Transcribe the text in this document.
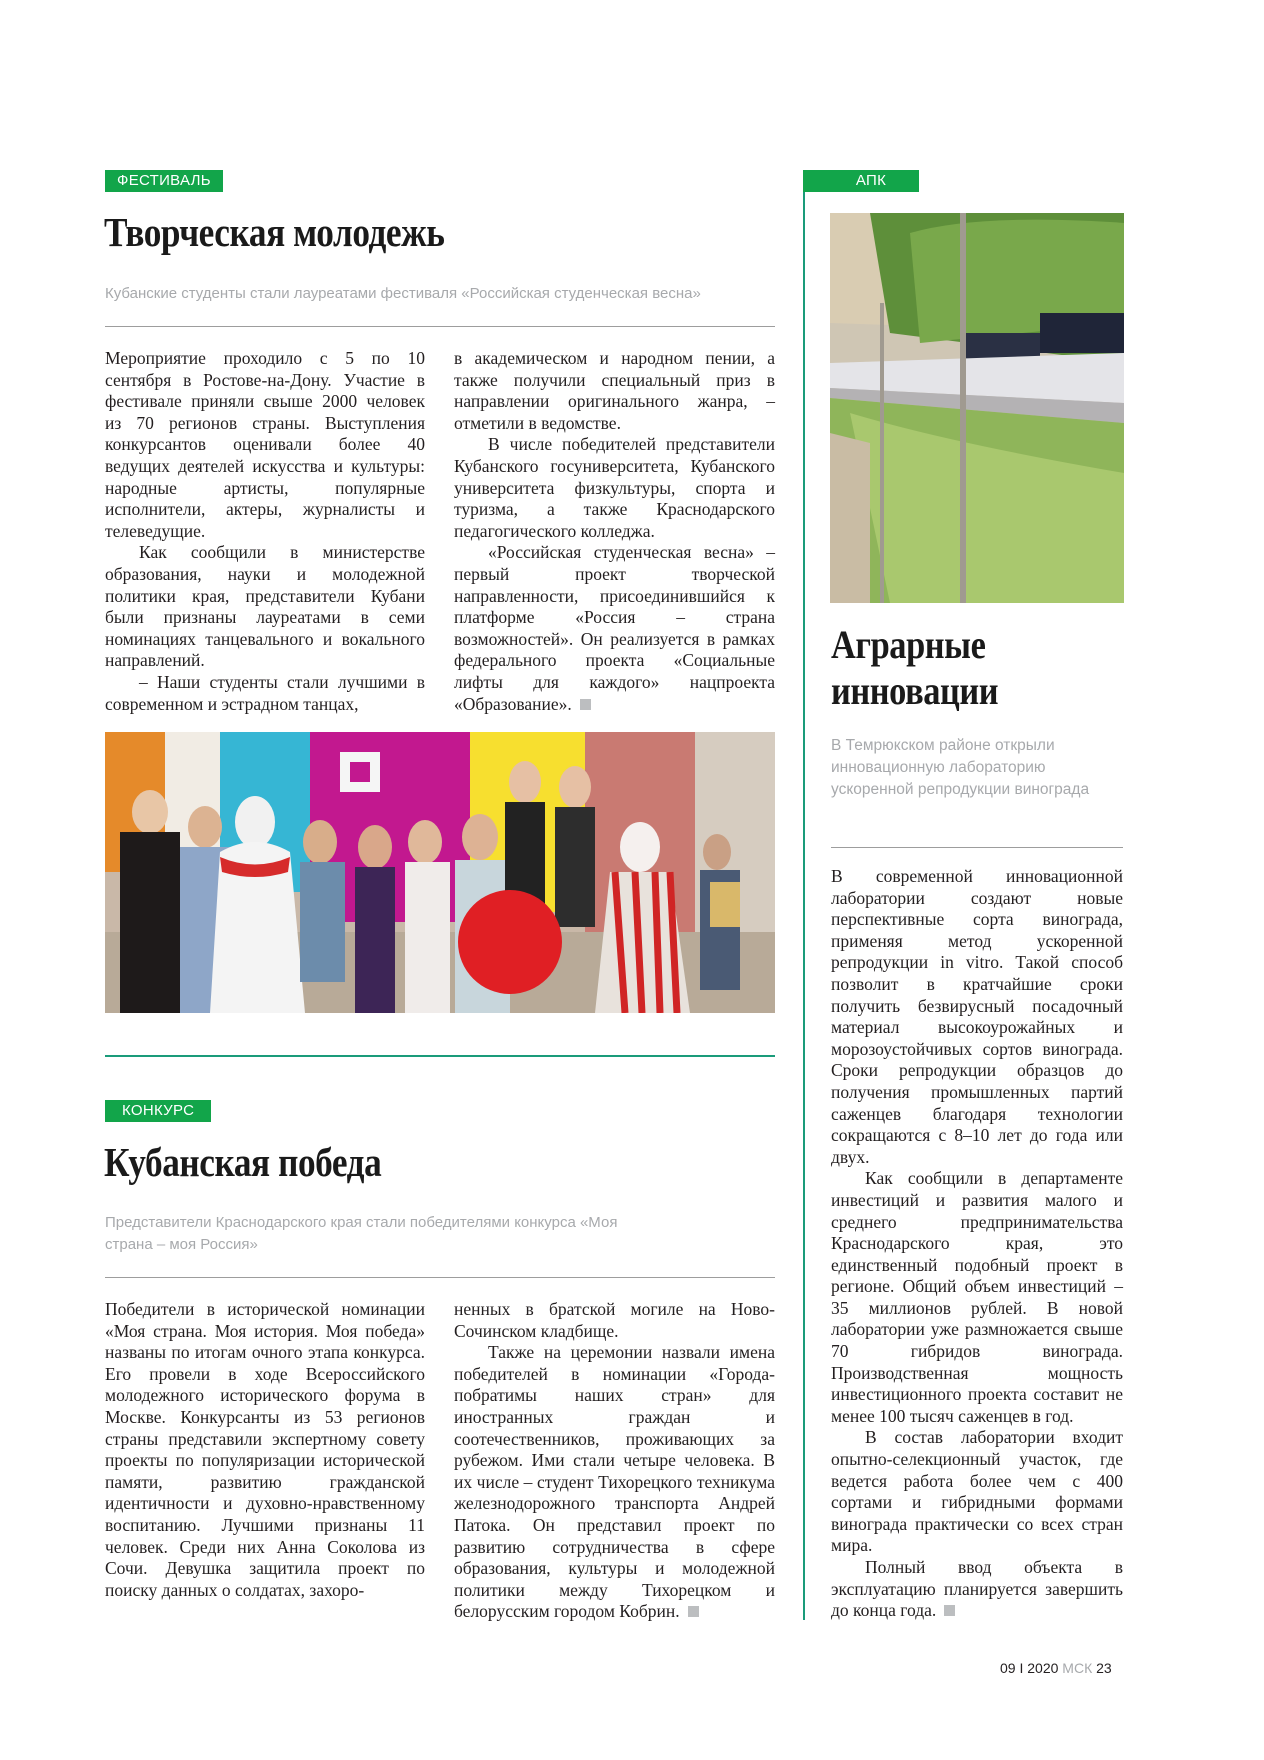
ФЕСТИВАЛЬ
Творческая молодежь

Кубанские студенты стали лауреатами фестиваля «Российская студенческая весна»

Мероприятие проходило с 5 по 10 сентября в Ростове-на-Дону. Участие в фестивале приняли свыше 2000 человек из 70 регионов страны. Выступления конкурсантов оценивали более 40 ведущих деятелей искусства и культуры: народные артисты, популярные исполнители, актеры, журналисты и телеведущие.

Как сообщили в министерстве образования, науки и молодежной политики края, представители Кубани были признаны лауреатами в семи номинациях танцевального и вокального направлений.

– Наши студенты стали лучшими в современном и эстрадном танцах,

в академическом и народном пении, а также получили специальный приз в направлении оригинального жанра, – отметили в ведомстве.

В числе победителей представители Кубанского госуниверситета, Кубанского университета физкультуры, спорта и туризма, а также Краснодарского педагогического колледжа.

«Российская студенческая весна» – первый проект творческой направленности, присоединившийся к платформе «Россия – страна возможностей». Он реализуется в рамках федерального проекта «Социальные лифты для каждого» нацпроекта «Образование».

КОНКУРС
Кубанская победа

Представители Краснодарского края стали победителями конкурса «Моя страна – моя Россия»

Победители в исторической номинации «Моя страна. Моя история. Моя победа» названы по итогам очного этапа конкурса. Его провели в ходе Всероссийского молодежного исторического форума в Москве. Конкурсанты из 53 регионов страны представили экспертному совету проекты по популяризации исторической памяти, развитию гражданской идентичности и духовно-нравственному воспитанию. Лучшими признаны 11 человек. Среди них Анна Соколова из Сочи. Девушка защитила проект по поиску данных о солдатах, захоро-

ненных в братской могиле на Ново-Сочинском кладбище.

Также на церемонии назвали имена победителей в номинации «Города-побратимы наших стран» для иностранных граждан и соотечественников, проживающих за рубежом. Ими стали четыре человека. В их числе – студент Тихорецкого техникума железнодорожного транспорта Андрей Патока. Он представил проект по развитию сотрудничества в сфере образования, культуры и молодежной политики между Тихорецком и белорусским городом Кобрин.

АПК
Аграрные
инновации

В Темрюкском районе открыли инновационную лабораторию ускоренной репродукции винограда

В современной инновационной лаборатории создают новые перспективные сорта винограда, применяя метод ускоренной репродукции in vitro. Такой способ позволит в кратчайшие сроки получить безвирусный посадочный материал высокоурожайных и морозоустойчивых сортов винограда. Сроки репродукции образцов до получения промышленных партий саженцев благодаря технологии сокращаются с 8–10 лет до года или двух.

Как сообщили в департаменте инвестиций и развития малого и среднего предпринимательства Краснодарского края, это единственный подобный проект в регионе. Общий объем инвестиций – 35 миллионов рублей. В новой лаборатории уже размножается свыше 70 гибридов винограда. Производственная мощность инвестиционного проекта составит не менее 100 тысяч саженцев в год.

В состав лаборатории входит опытно-селекционный участок, где ведется работа более чем с 400 сортами и гибридными формами винограда практически со всех стран мира.

Полный ввод объекта в эксплуатацию планируется завершить до конца года.

09 I 2020 МСК 23
